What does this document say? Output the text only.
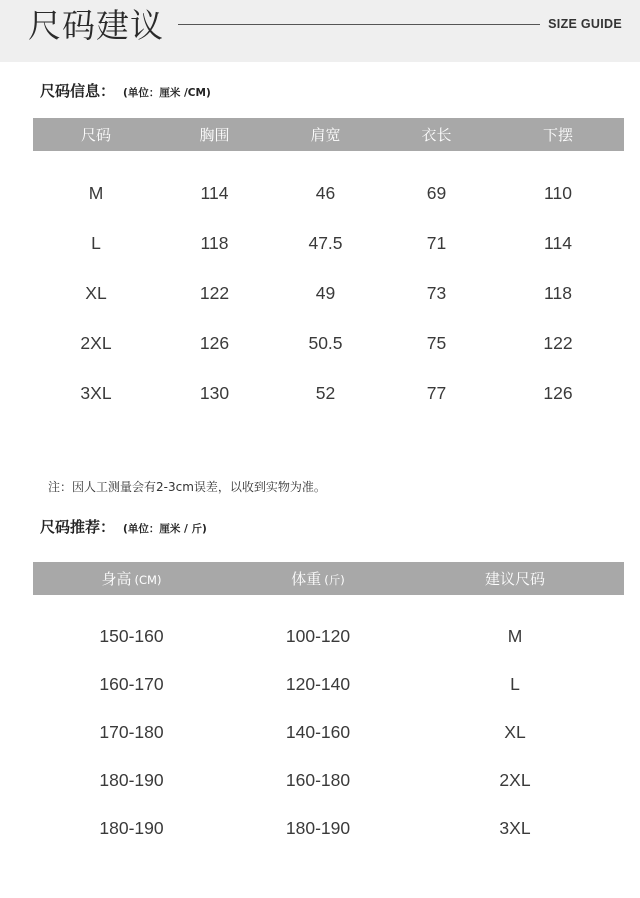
尺码建议	SIZE GUIDE
尺码信息： (单位：厘米 /CM)
尺码	胸围	肩宽	衣长	下摆
M	114	46	69	110
L	118	47.5	71	114
XL	122	49	73	118
2XL	126	50.5	75	122
3XL	130	52	77	126
注：因人工测量会有2-3cm误差，以收到实物为准。
尺码推荐： (单位：厘米 / 斤)
身高 (CM)	体重 (斤)	建议尺码
150-160	100-120	M
160-170	120-140	L
170-180	140-160	XL
180-190	160-180	2XL
180-190	180-190	3XL
